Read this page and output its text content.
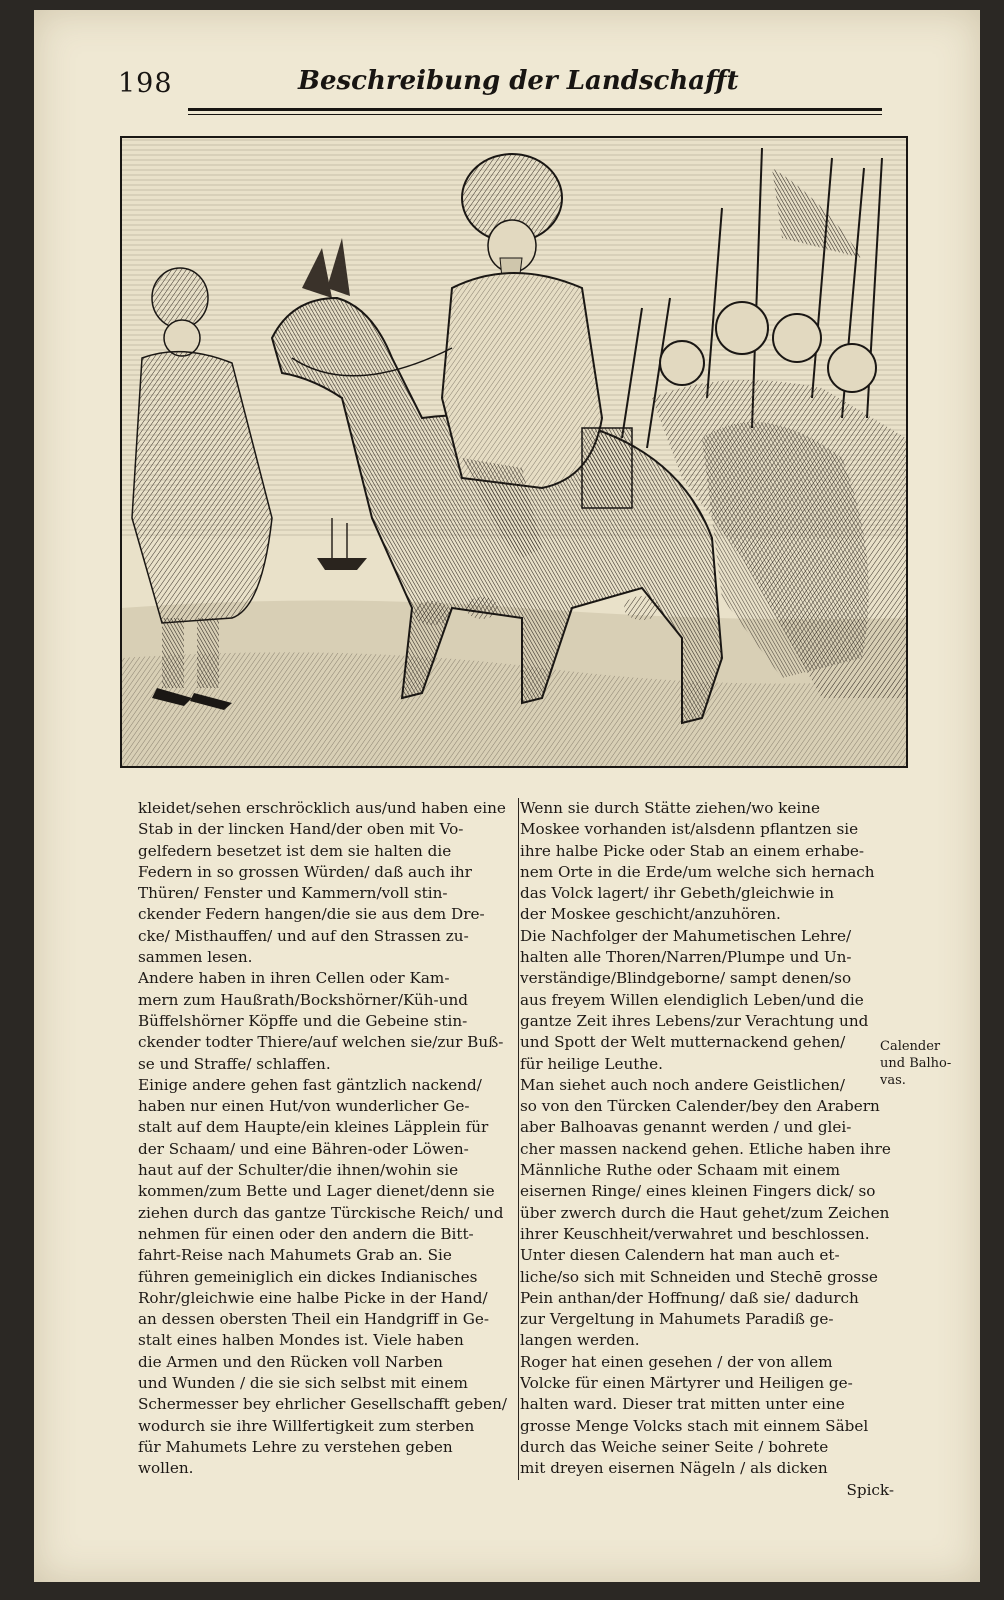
198	Beschreibung der Landschafft
kleidet/sehen erschröcklich aus/und haben eine
Stab in der lincken Hand/der oben mit Vo-
gelfedern besetzet ist dem sie halten die
Federn in so grossen Würden/ daß auch ihr
Thüren/ Fenster und Kammern/voll stin-
ckender Federn hangen/die sie aus dem Dre-
cke/ Misthauffen/ und auf den Strassen zu-
sammen lesen.
Andere haben in ihren Cellen oder Kam-
mern zum Haußrath/Bockshörner/Küh-und
Büffelshörner Köpffe und die Gebeine stin-
ckender todter Thiere/auf welchen sie/zur Buß-
se und Straffe/ schlaffen.
Einige andere gehen fast gäntzlich nackend/
haben nur einen Hut/von wunderlicher Ge-
stalt auf dem Haupte/ein kleines Läpplein für
der Schaam/ und eine Bähren-oder Löwen-
haut auf der Schulter/die ihnen/wohin sie
kommen/zum Bette und Lager dienet/denn sie
ziehen durch das gantze Türckische Reich/ und
nehmen für einen oder den andern die Bitt-
fahrt-Reise nach Mahumets Grab an. Sie
führen gemeiniglich ein dickes Indianisches
Rohr/gleichwie eine halbe Picke in der Hand/
an dessen obersten Theil ein Handgriff in Ge-
stalt eines halben Mondes ist. Viele haben
die Armen und den Rücken voll Narben
und Wunden / die sie sich selbst mit einem
Schermesser bey ehrlicher Gesellschafft geben/
wodurch sie ihre Willfertigkeit zum sterben
für Mahumets Lehre zu verstehen geben
wollen.
Wenn sie durch Stätte ziehen/wo keine
Moskee vorhanden ist/alsdenn pflantzen sie
ihre halbe Picke oder Stab an einem erhabe-
nem Orte in die Erde/um welche sich hernach
das Volck lagert/ ihr Gebeth/gleichwie in
der Moskee geschicht/anzuhören.
Die Nachfolger der Mahumetischen Lehre/
halten alle Thoren/Narren/Plumpe und Un-
verständige/Blindgeborne/ sampt denen/so
aus freyem Willen elendiglich Leben/und die
gantze Zeit ihres Lebens/zur Verachtung und
und Spott der Welt mutternackend gehen/
für heilige Leuthe.
Man siehet auch noch andere Geistlichen/
so von den Türcken Calender/bey den Arabern
aber Balhoavas genannt werden / und glei-
cher massen nackend gehen. Etliche haben ihre
Männliche Ruthe oder Schaam mit einem
eisernen Ringe/ eines kleinen Fingers dick/ so
über zwerch durch die Haut gehet/zum Zeichen
ihrer Keuschheit/verwahret und beschlossen.
Unter diesen Calendern hat man auch et-
liche/so sich mit Schneiden und Stechē grosse
Pein anthan/der Hoffnung/ daß sie/ dadurch
zur Vergeltung in Mahumets Paradiß ge-
langen werden.
Roger hat einen gesehen / der von allem
Volcke für einen Märtyrer und Heiligen ge-
halten ward. Dieser trat mitten unter eine
grosse Menge Volcks stach mit einnem Säbel
durch das Weiche seiner Seite / bohrete
mit dreyen eisernen Nägeln / als dicken
Spick-
Calender
und Balho-
vas.
